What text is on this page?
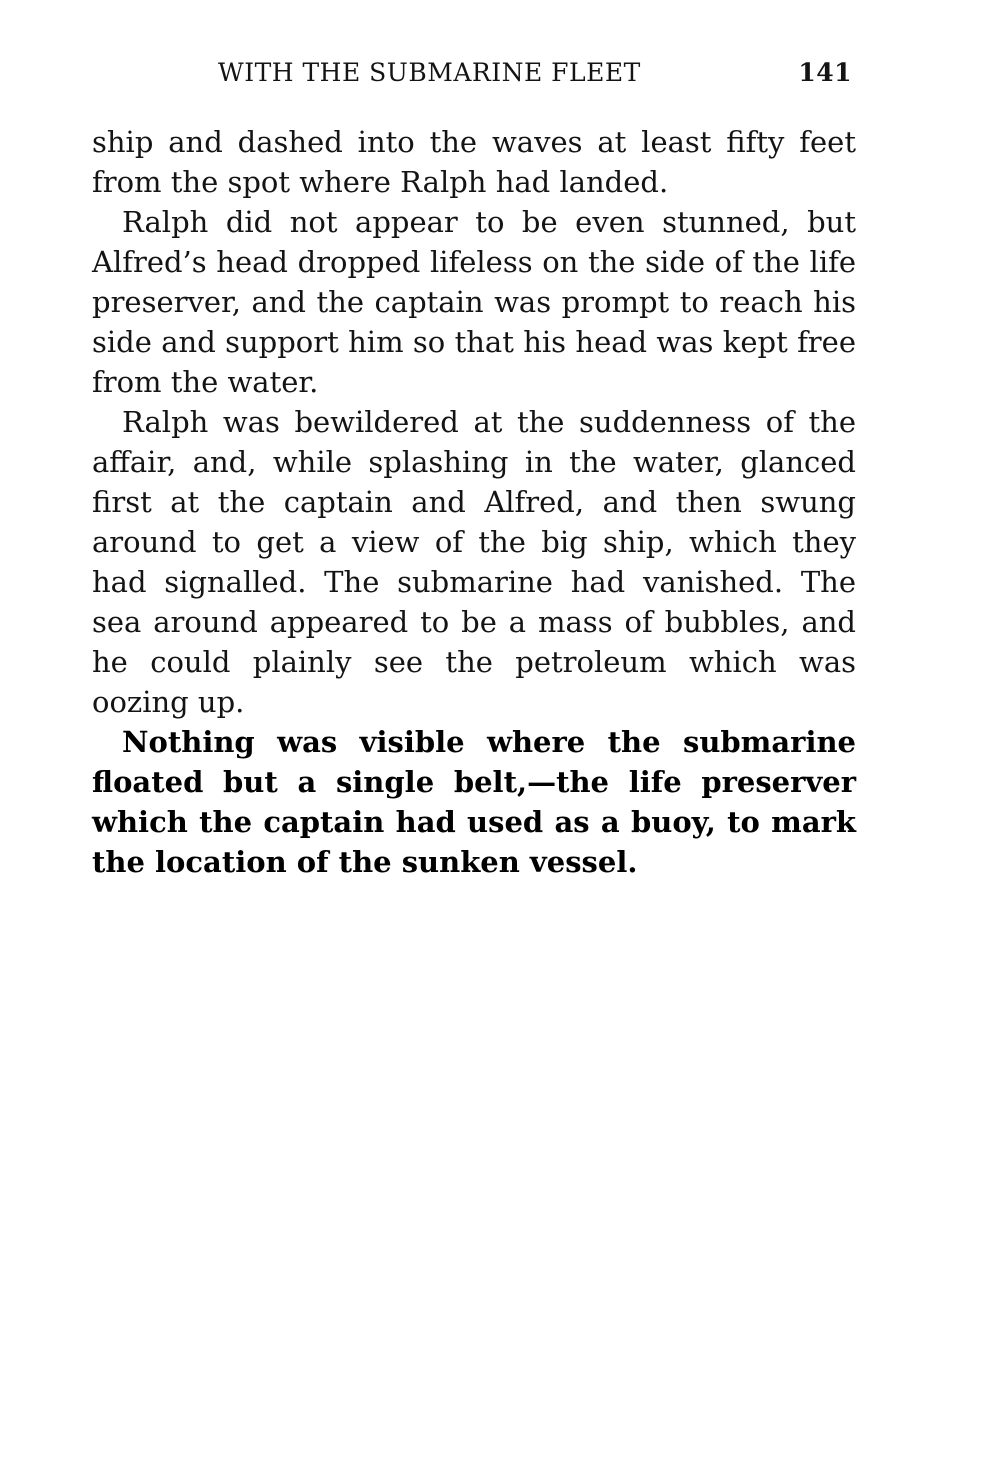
WITH THE SUBMARINE FLEET	141

ship and dashed into the waves at least fifty feet from the spot where Ralph had landed.

Ralph did not appear to be even stunned, but Alfred’s head dropped lifeless on the side of the life preserver, and the captain was prompt to reach his side and support him so that his head was kept free from the water.

Ralph was bewildered at the suddenness of the affair, and, while splashing in the water, glanced first at the captain and Alfred, and then swung around to get a view of the big ship, which they had signalled. The submarine had vanished. The sea around appeared to be a mass of bubbles, and he could plainly see the petroleum which was oozing up.

Nothing was visible where the submarine floated but a single belt,—the life preserver which the captain had used as a buoy, to mark the location of the sunken vessel.
